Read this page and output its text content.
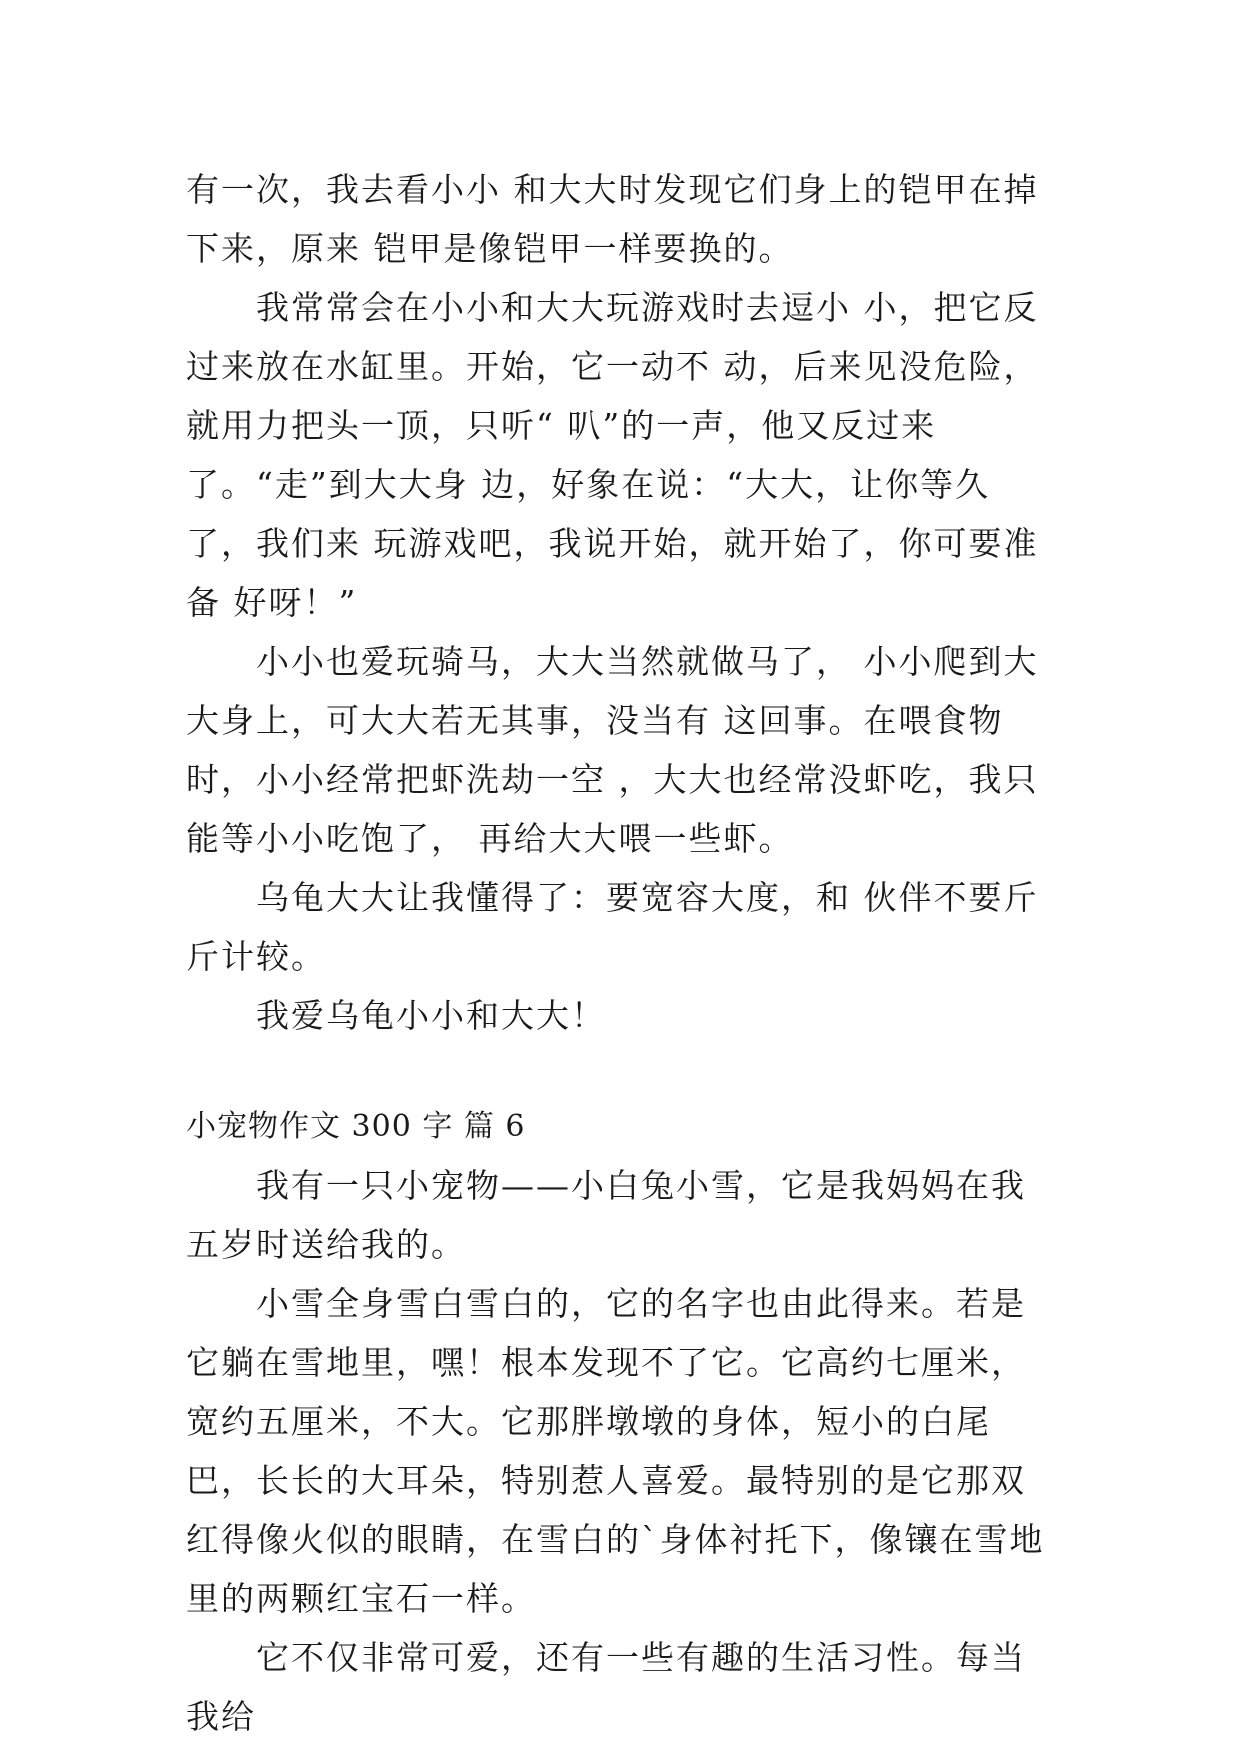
有一次，我去看小小 和大大时发现它们身上的铠甲在掉下来，原来 铠甲是像铠甲一样要换的。

我常常会在小小和大大玩游戏时去逗小 小，把它反过来放在水缸里。开始，它一动不 动，后来见没危险，就用力把头一顶，只听“ 叭”的一声，他又反过来了。“走”到大大身 边，好象在说：“大大，让你等久了，我们来 玩游戏吧，我说开始，就开始了，你可要准备 好呀！”

小小也爱玩骑马，大大当然就做马了， 小小爬到大大身上，可大大若无其事，没当有 这回事。在喂食物时，小小经常把虾洗劫一空 ，大大也经常没虾吃，我只能等小小吃饱了， 再给大大喂一些虾。

乌龟大大让我懂得了：要宽容大度，和 伙伴不要斤斤计较。

我爱乌龟小小和大大！

小宠物作文 300 字 篇 6

我有一只小宠物——小白兔小雪，它是我妈妈在我五岁时送给我的。

小雪全身雪白雪白的，它的名字也由此得来。若是它躺在雪地里，嘿！根本发现不了它。它高约七厘米，宽约五厘米，不大。它那胖墩墩的身体，短小的白尾巴，长长的大耳朵，特别惹人喜爱。最特别的是它那双红得像火似的眼睛，在雪白的`身体衬托下，像镶在雪地里的两颗红宝石一样。

它不仅非常可爱，还有一些有趣的生活习性。每当我给
